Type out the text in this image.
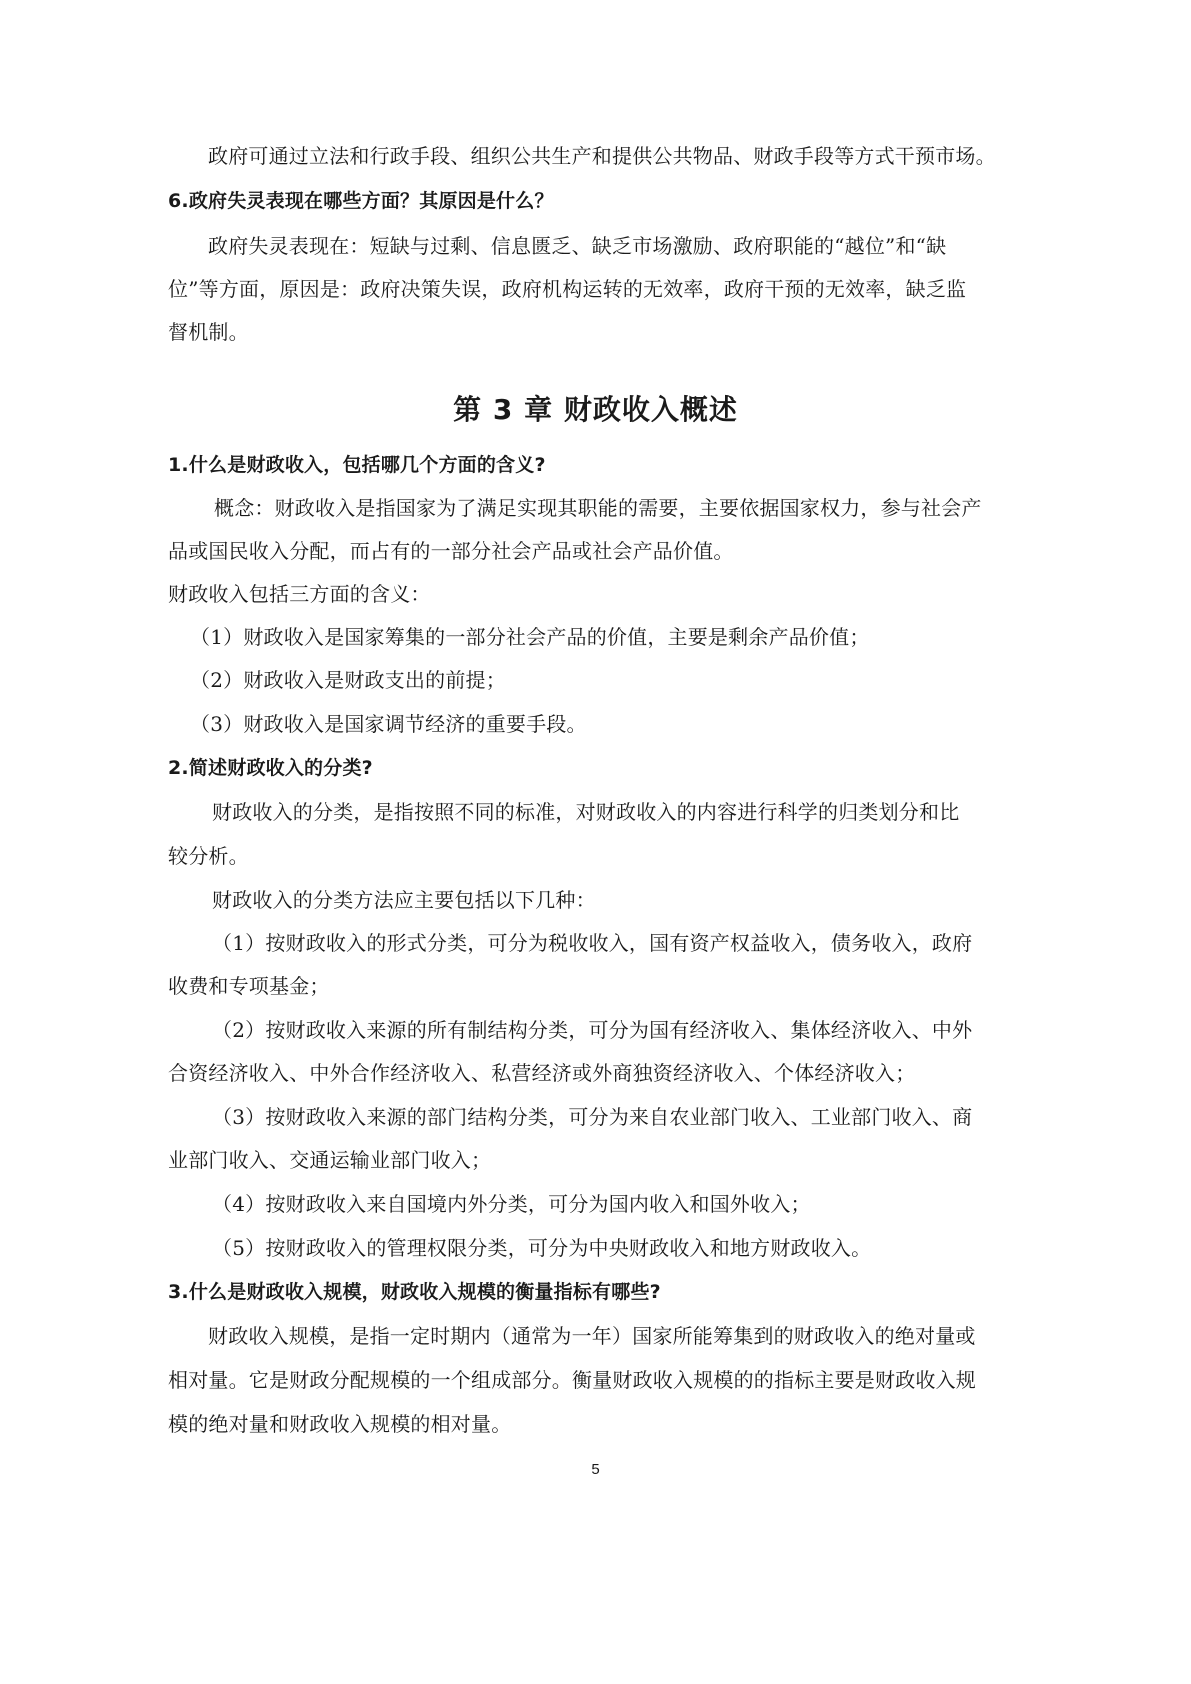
政府可通过立法和行政手段、组织公共生产和提供公共物品、财政手段等方式干预市场。
6.政府失灵表现在哪些方面？其原因是什么？
政府失灵表现在：短缺与过剩、信息匮乏、缺乏市场激励、政府职能的“越位”和“缺
位”等方面，原因是：政府决策失误，政府机构运转的无效率，政府干预的无效率，缺乏监
督机制。
第 3 章 财政收入概述
1.什么是财政收入，包括哪几个方面的含义?
概念：财政收入是指国家为了满足实现其职能的需要，主要依据国家权力，参与社会产
品或国民收入分配，而占有的一部分社会产品或社会产品价值。
财政收入包括三方面的含义：
（1）财政收入是国家筹集的一部分社会产品的价值，主要是剩余产品价值；
（2）财政收入是财政支出的前提；
（3）财政收入是国家调节经济的重要手段。
2.简述财政收入的分类?
财政收入的分类，是指按照不同的标准，对财政收入的内容进行科学的归类划分和比
较分析。
财政收入的分类方法应主要包括以下几种：
（1）按财政收入的形式分类，可分为税收收入，国有资产权益收入，债务收入，政府
收费和专项基金；
（2）按财政收入来源的所有制结构分类，可分为国有经济收入、集体经济收入、中外
合资经济收入、中外合作经济收入、私营经济或外商独资经济收入、个体经济收入；
（3）按财政收入来源的部门结构分类，可分为来自农业部门收入、工业部门收入、商
业部门收入、交通运输业部门收入；
（4）按财政收入来自国境内外分类，可分为国内收入和国外收入；
（5）按财政收入的管理权限分类，可分为中央财政收入和地方财政收入。
3.什么是财政收入规模，财政收入规模的衡量指标有哪些?
财政收入规模，是指一定时期内（通常为一年）国家所能筹集到的财政收入的绝对量或
相对量。它是财政分配规模的一个组成部分。衡量财政收入规模的的指标主要是财政收入规
模的绝对量和财政收入规模的相对量。
5
